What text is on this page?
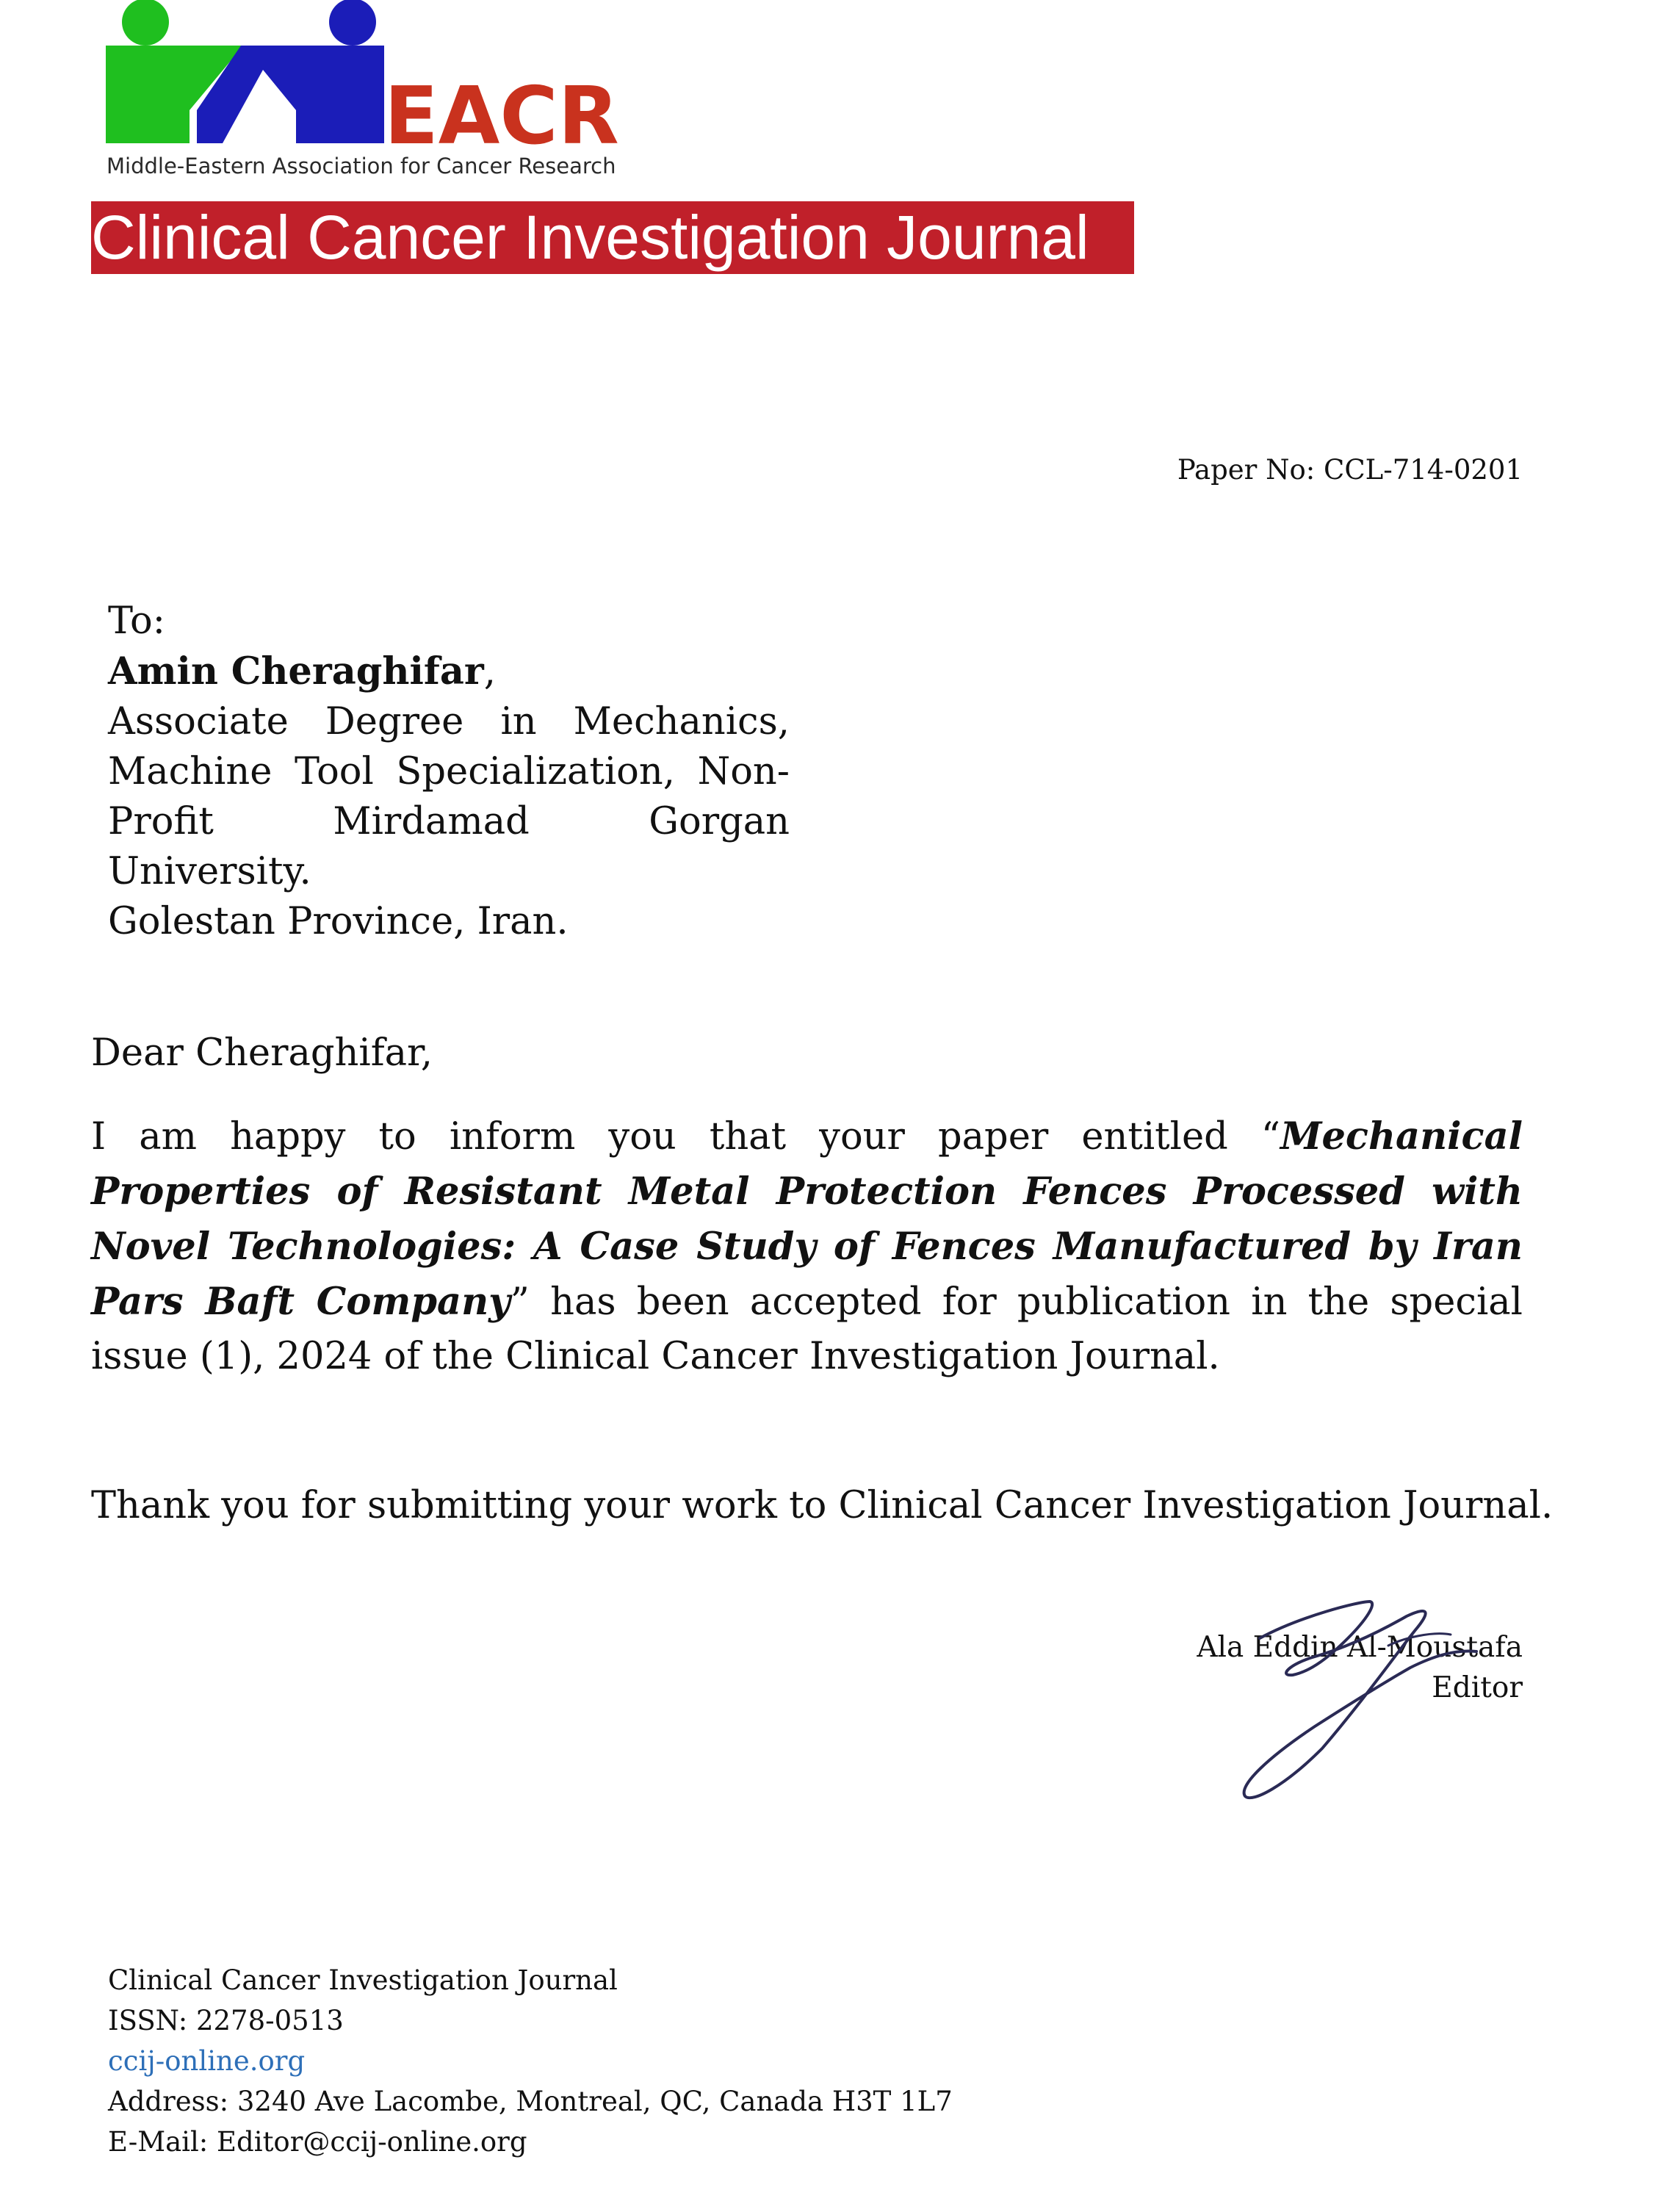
EACR
Middle-Eastern Association for Cancer Research
Clinical Cancer Investigation Journal
Paper No: CCL-714-0201
To:
Amin Cheraghifar,
Associate Degree in Mechanics,
Machine Tool Specialization, Non-
Profit Mirdamad Gorgan University.
Golestan Province, Iran.
Dear Cheraghifar,
I am happy to inform you that your paper entitled “Mechanical Properties of Resistant Metal Protection Fences Processed with Novel Technologies: A Case Study of Fences Manufactured by Iran Pars Baft Company” has been accepted for publication in the special issue (1), 2024 of the Clinical Cancer Investigation Journal.
Thank you for submitting your work to Clinical Cancer Investigation Journal.
Ala Eddin Al-Moustafa
Editor
Clinical Cancer Investigation Journal
ISSN: 2278-0513
ccij-online.org
Address: 3240 Ave Lacombe, Montreal, QC, Canada H3T 1L7
E-Mail: Editor@ccij-online.org
